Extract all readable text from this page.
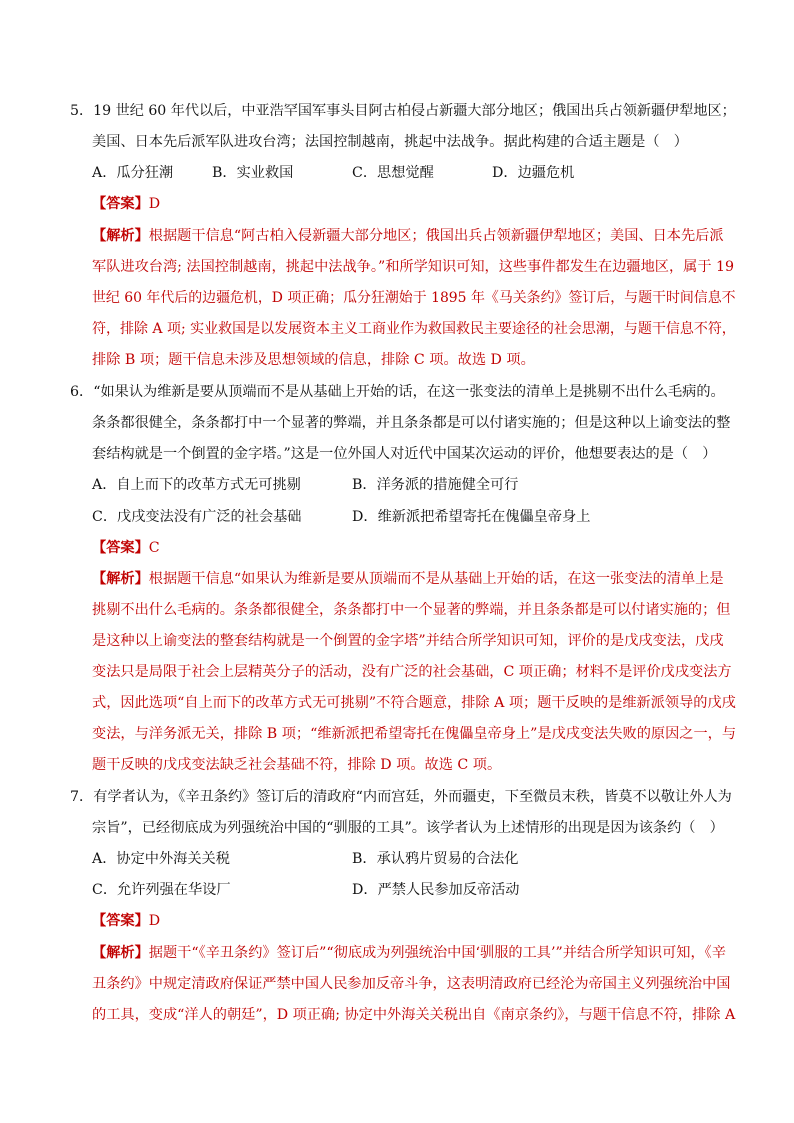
5．19 世纪 60 年代以后，中亚浩罕国军事头目阿古柏侵占新疆大部分地区；俄国出兵占领新疆伊犁地区；
美国、日本先后派军队进攻台湾；法国控制越南，挑起中法战争。据此构建的合适主题是（　）
A．瓜分狂潮	B．实业救国	C．思想觉醒	D．边疆危机
【答案】D
【解析】根据题干信息“阿古柏入侵新疆大部分地区；俄国出兵占领新疆伊犁地区；美国、日本先后派
军队进攻台湾; 法国控制越南，挑起中法战争。”和所学知识可知，这些事件都发生在边疆地区，属于 19
世纪 60 年代后的边疆危机，D 项正确；瓜分狂潮始于 1895 年《马关条约》签订后，与题干时间信息不
符，排除 A 项; 实业救国是以发展资本主义工商业作为救国救民主要途径的社会思潮，与题干信息不符，
排除 B 项；题干信息未涉及思想领域的信息，排除 C 项。故选 D 项。
6．“如果认为维新是要从顶端而不是从基础上开始的话，在这一张变法的清单上是挑剔不出什么毛病的。
条条都很健全，条条都打中一个显著的弊端，并且条条都是可以付诸实施的；但是这种以上谕变法的整
套结构就是一个倒置的金字塔。”这是一位外国人对近代中国某次运动的评价，他想要表达的是（　）
A．自上而下的改革方式无可挑剔	B．洋务派的措施健全可行
C．戊戌变法没有广泛的社会基础	D．维新派把希望寄托在傀儡皇帝身上
【答案】C
【解析】根据题干信息“如果认为维新是要从顶端而不是从基础上开始的话，在这一张变法的清单上是
挑剔不出什么毛病的。条条都很健全，条条都打中一个显著的弊端，并且条条都是可以付诸实施的；但
是这种以上谕变法的整套结构就是一个倒置的金字塔”并结合所学知识可知，评价的是戊戌变法，戊戌
变法只是局限于社会上层精英分子的活动，没有广泛的社会基础，C 项正确；材料不是评价戊戌变法方
式，因此选项“自上而下的改革方式无可挑剔”不符合题意，排除 A 项；题干反映的是维新派领导的戊戌
变法，与洋务派无关，排除 B 项；“维新派把希望寄托在傀儡皇帝身上”是戊戌变法失败的原因之一，与
题干反映的戊戌变法缺乏社会基础不符，排除 D 项。故选 C 项。
7．有学者认为，《辛丑条约》签订后的清政府“内而宫廷，外而疆吏，下至微员末秩，皆莫不以敬让外人为
宗旨”，已经彻底成为列强统治中国的“驯服的工具”。该学者认为上述情形的出现是因为该条约（　）
A．协定中外海关关税	B．承认鸦片贸易的合法化
C．允许列强在华设厂	D．严禁人民参加反帝活动
【答案】D
【解析】据题干“《辛丑条约》签订后”“彻底成为列强统治中国‘驯服的工具’”并结合所学知识可知，《辛
丑条约》中规定清政府保证严禁中国人民参加反帝斗争，这表明清政府已经沦为帝国主义列强统治中国
的工具，变成“洋人的朝廷”，D 项正确; 协定中外海关关税出自《南京条约》，与题干信息不符，排除 A
